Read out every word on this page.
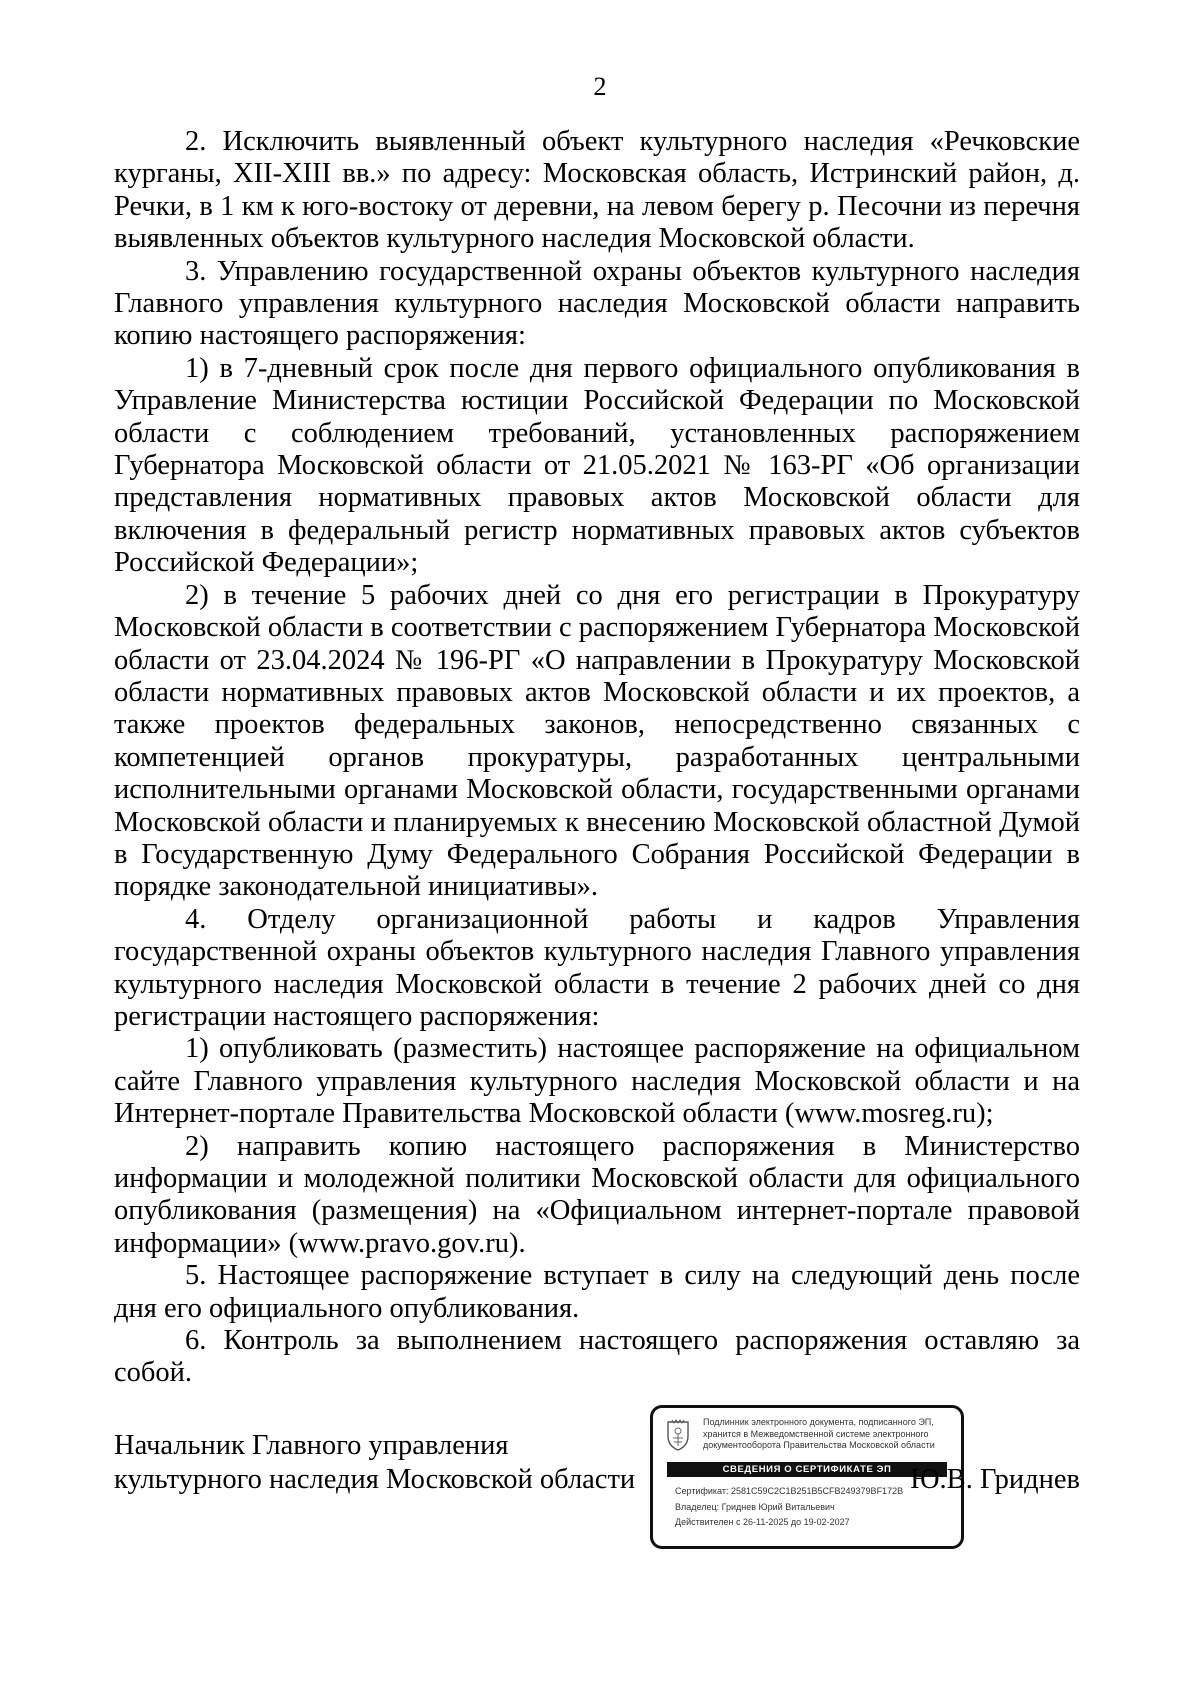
2

2. Исключить выявленный объект культурного наследия «Речковские курганы, XII-XIII вв.» по адресу: Московская область, Истринский район, д. Речки, в 1 км к юго-востоку от деревни, на левом берегу р. Песочни из перечня выявленных объектов культурного наследия Московской области.

3. Управлению государственной охраны объектов культурного наследия Главного управления культурного наследия Московской области направить копию настоящего распоряжения:

1) в 7-дневный срок после дня первого официального опубликования в Управление Министерства юстиции Российской Федерации по Московской области с соблюдением требований, установленных распоряжением Губернатора Московской области от 21.05.2021 № 163-РГ «Об организации представления нормативных правовых актов Московской области для включения в федеральный регистр нормативных правовых актов субъектов Российской Федерации»;

2) в течение 5 рабочих дней со дня его регистрации в Прокуратуру Московской области в соответствии с распоряжением Губернатора Московской области от 23.04.2024 № 196-РГ «О направлении в Прокуратуру Московской области нормативных правовых актов Московской области и их проектов, а также проектов федеральных законов, непосредственно связанных с компетенцией органов прокуратуры, разработанных центральными исполнительными органами Московской области, государственными органами Московской области и планируемых к внесению Московской областной Думой в Государственную Думу Федерального Собрания Российской Федерации в порядке законодательной инициативы».

4. Отделу организационной работы и кадров Управления государственной охраны объектов культурного наследия Главного управления культурного наследия Московской области в течение 2 рабочих дней со дня регистрации настоящего распоряжения:

1) опубликовать (разместить) настоящее распоряжение на официальном сайте Главного управления культурного наследия Московской области и на Интернет-портале Правительства Московской области (www.mosreg.ru);

2) направить копию настоящего распоряжения в Министерство информации и молодежной политики Московской области для официального опубликования (размещения) на «Официальном интернет-портале правовой информации» (www.pravo.gov.ru).

5. Настоящее распоряжение вступает в силу на следующий день после дня его официального опубликования.

6. Контроль за выполнением настоящего распоряжения оставляю за собой.

Начальник Главного управления
культурного наследия Московской области
Подлинник электронного документа, подписанного ЭП,
хранится в Межведомственной системе электронного
документооборота Правительства Московской области
СВЕДЕНИЯ О СЕРТИФИКАТЕ ЭП
Сертификат: 2581C59C2C1B251B5CFB249379BF172B
Владелец: Гриднев Юрий Витальевич
Действителен с 26-11-2025 до 19-02-2027
Ю.В. Гриднев
